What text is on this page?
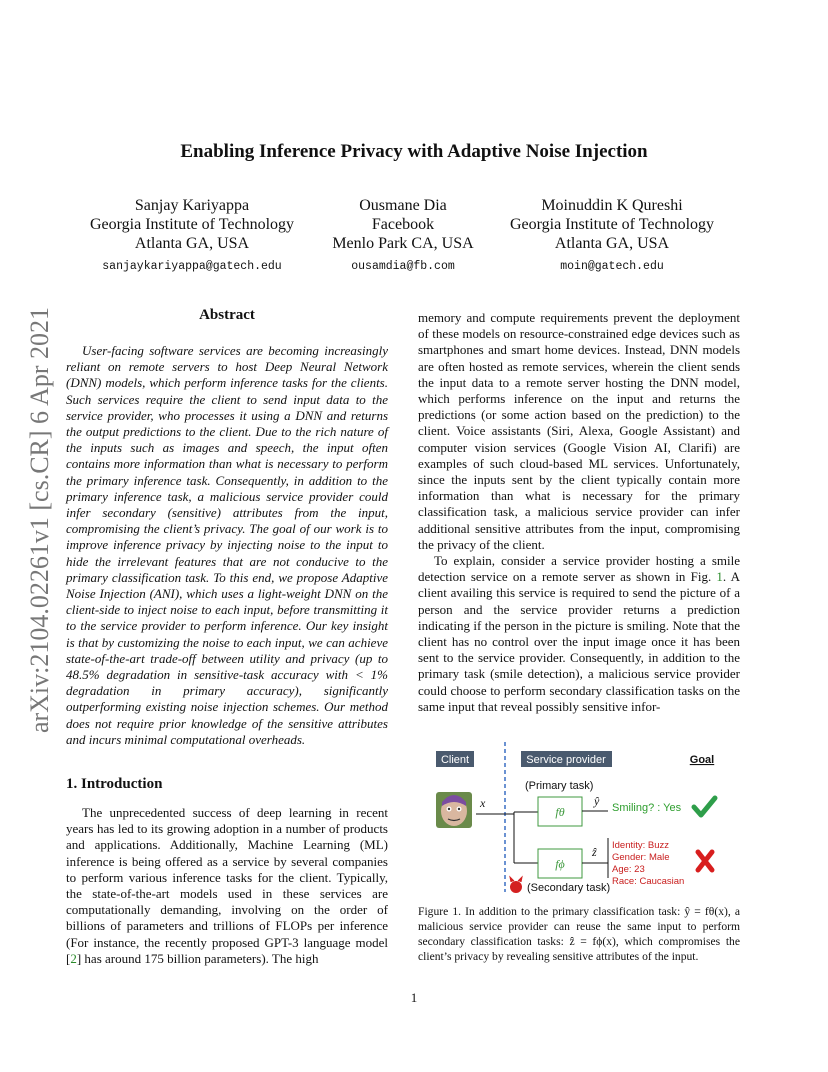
Enabling Inference Privacy with Adaptive Noise Injection
Sanjay Kariyappa
Georgia Institute of Technology
Atlanta GA, USA
sanjaykariyappa@gatech.edu
Ousmane Dia
Facebook
Menlo Park CA, USA
ousamdia@fb.com
Moinuddin K Qureshi
Georgia Institute of Technology
Atlanta GA, USA
moin@gatech.edu
arXiv:2104.02261v1 [cs.CR] 6 Apr 2021	Abstract

User-facing software services are becoming increasingly reliant on remote servers to host Deep Neural Network (DNN) models, which perform inference tasks for the clients. Such services require the client to send input data to the service provider, who processes it using a DNN and returns the output predictions to the client. Due to the rich nature of the inputs such as images and speech, the input often contains more information than what is necessary to perform the primary inference task. Consequently, in addition to the primary inference task, a malicious service provider could infer secondary (sensitive) attributes from the input, compromising the client’s privacy. The goal of our work is to improve inference privacy by injecting noise to the input to hide the irrelevant features that are not conducive to the primary classification task. To this end, we propose Adaptive Noise Injection (ANI), which uses a light-weight DNN on the client-side to inject noise to each input, before transmitting it to the service provider to perform inference. Our key insight is that by customizing the noise to each input, we can achieve state-of-the-art trade-off between utility and privacy (up to 48.5% degradation in sensitive-task accuracy with < 1% degradation in primary accuracy), significantly outperforming existing noise injection schemes. Our method does not require prior knowledge of the sensitive attributes and incurs minimal computational overheads.

1. Introduction

The unprecedented success of deep learning in recent years has led to its growing adoption in a number of products and applications. Additionally, Machine Learning (ML) inference is being offered as a service by several companies to perform various inference tasks for the client. Typically, the state-of-the-art models used in these services are computationally demanding, involving on the order of billions of parameters and trillions of FLOPs per inference (For instance, the recently proposed GPT-3 language model [2] has around 175 billion parameters). The high

memory and compute requirements prevent the deployment of these models on resource-constrained edge devices such as smartphones and smart home devices. Instead, DNN models are often hosted as remote services, wherein the client sends the input data to a remote server hosting the DNN model, which performs inference on the input and returns the predictions (or some action based on the prediction) to the client. Voice assistants (Siri, Alexa, Google Assistant) and computer vision services (Google Vision AI, Clarifi) are examples of such cloud-based ML services. Unfortunately, since the inputs sent by the client typically contain more information than what is necessary for the primary classification task, a malicious service provider can infer additional sensitive attributes from the input, compromising the privacy of the client.

To explain, consider a service provider hosting a smile detection service on a remote server as shown in Fig. 1. A client availing this service is required to send the picture of a person and the service provider returns a prediction indicating if the person in the picture is smiling. Note that the client has no control over the input image once it has been sent to the service provider. Consequently, in addition to the primary task (smile detection), a malicious service provider could choose to perform secondary classification tasks on the same input that reveal possibly sensitive infor-

Client	Service provider	Goal
(Primary task)
x
fθ
ŷ Smiling? : Yes
fϕ
ẑ Identity: Buzz
Gender: Male
Age: 23
Race: Caucasian
(Secondary task)
Figure 1. In addition to the primary classification task: ŷ = fθ(x), a malicious service provider can reuse the same input to perform secondary classification tasks: ẑ = fϕ(x), which compromises the client’s privacy by revealing sensitive attributes of the input.
1
